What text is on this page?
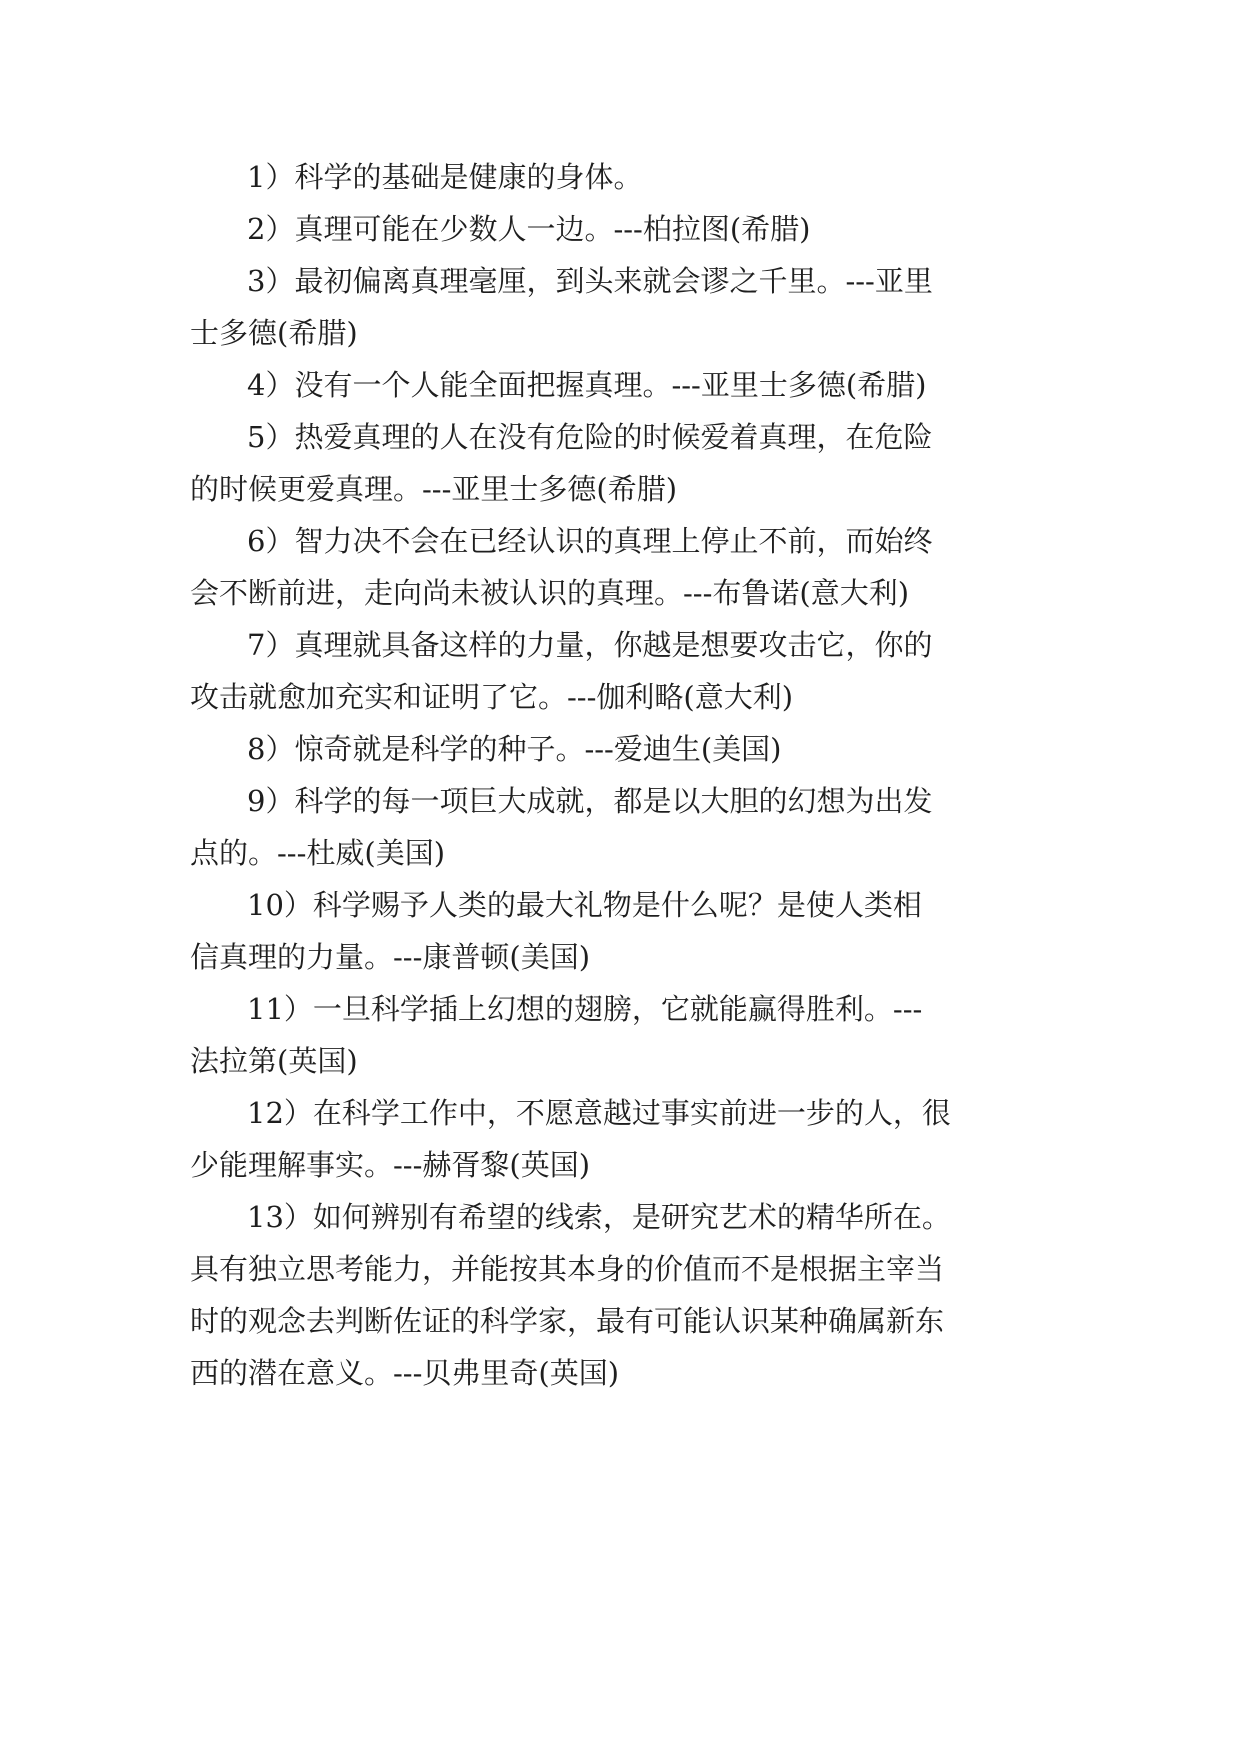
1）科学的基础是健康的身体。
2）真理可能在少数人一边。---柏拉图(希腊)
3）最初偏离真理毫厘，到头来就会谬之千里。---亚里
士多德(希腊)
4）没有一个人能全面把握真理。---亚里士多德(希腊)
5）热爱真理的人在没有危险的时候爱着真理，在危险
的时候更爱真理。---亚里士多德(希腊)
6）智力决不会在已经认识的真理上停止不前，而始终
会不断前进，走向尚未被认识的真理。---布鲁诺(意大利)
7）真理就具备这样的力量，你越是想要攻击它，你的
攻击就愈加充实和证明了它。---伽利略(意大利)
8）惊奇就是科学的种子。---爱迪生(美国)
9）科学的每一项巨大成就，都是以大胆的幻想为出发
点的。---杜威(美国)
10）科学赐予人类的最大礼物是什么呢？是使人类相
信真理的力量。---康普顿(美国)
11）一旦科学插上幻想的翅膀，它就能赢得胜利。---
法拉第(英国)
12）在科学工作中，不愿意越过事实前进一步的人，很
少能理解事实。---赫胥黎(英国)
13）如何辨别有希望的线索，是研究艺术的精华所在。
具有独立思考能力，并能按其本身的价值而不是根据主宰当
时的观念去判断佐证的科学家，最有可能认识某种确属新东
西的潜在意义。---贝弗里奇(英国)
